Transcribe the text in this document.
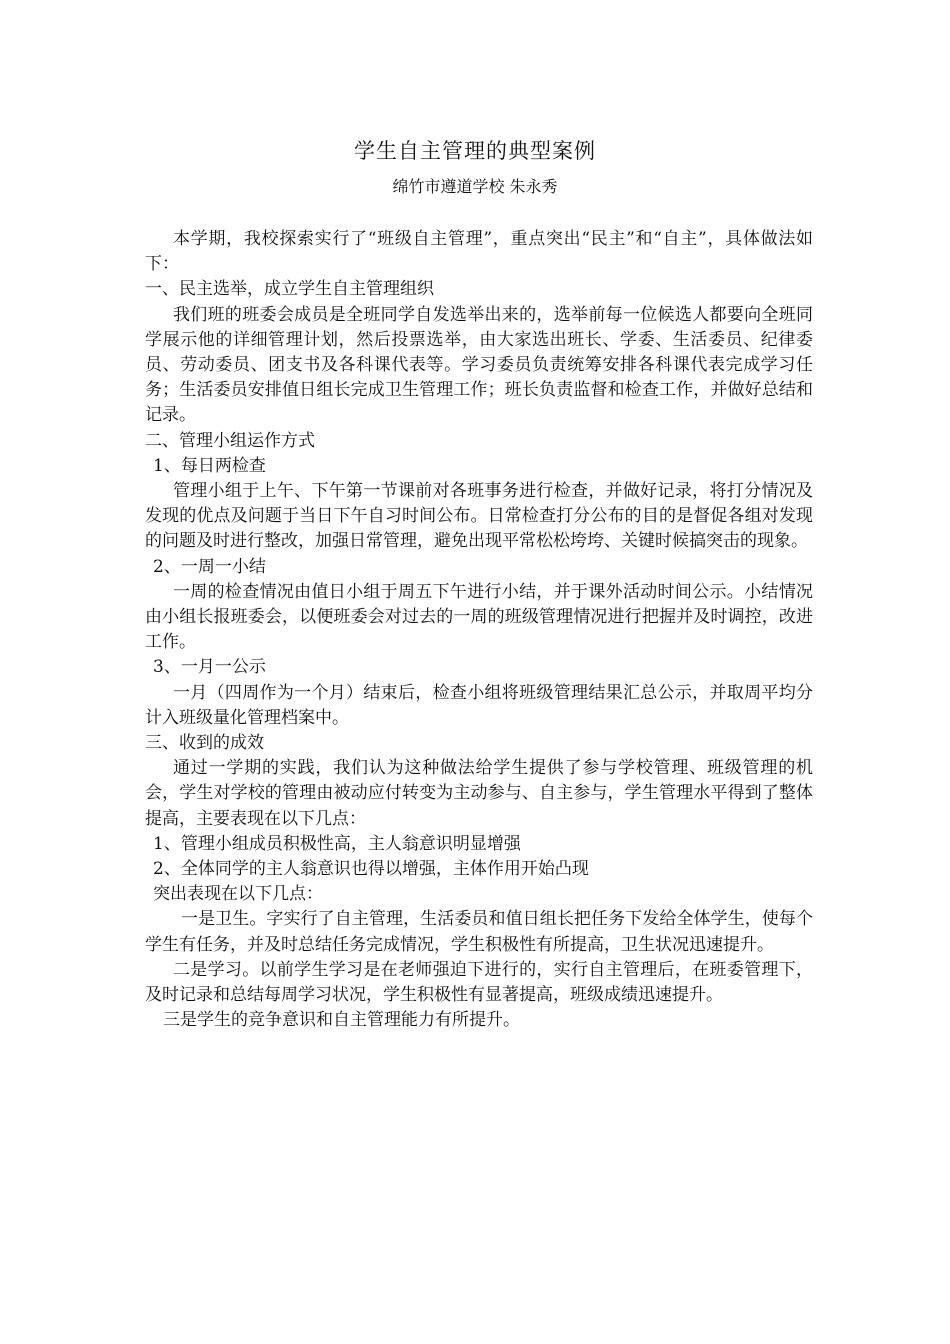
学生自主管理的典型案例
绵竹市遵道学校 朱永秀

本学期，我校探索实行了“班级自主管理”，重点突出“民主”和“自主”，具体做法如下：

一、民主选举，成立学生自主管理组织

我们班的班委会成员是全班同学自发选举出来的，选举前每一位候选人都要向全班同学展示他的详细管理计划，然后投票选举，由大家选出班长、学委、生活委员、纪律委员、劳动委员、团支书及各科课代表等。学习委员负责统筹安排各科课代表完成学习任务；生活委员安排值日组长完成卫生管理工作；班长负责监督和检查工作，并做好总结和记录。

二、管理小组运作方式

1、每日两检查

管理小组于上午、下午第一节课前对各班事务进行检查，并做好记录，将打分情况及发现的优点及问题于当日下午自习时间公布。日常检查打分公布的目的是督促各组对发现的问题及时进行整改，加强日常管理，避免出现平常松松垮垮、关键时候搞突击的现象。

2、一周一小结

一周的检查情况由值日小组于周五下午进行小结，并于课外活动时间公示。小结情况由小组长报班委会，以便班委会对过去的一周的班级管理情况进行把握并及时调控，改进工作。

3、一月一公示

一月（四周作为一个月）结束后，检查小组将班级管理结果汇总公示，并取周平均分计入班级量化管理档案中。

三、收到的成效

通过一学期的实践，我们认为这种做法给学生提供了参与学校管理、班级管理的机会，学生对学校的管理由被动应付转变为主动参与、自主参与，学生管理水平得到了整体提高，主要表现在以下几点：

1、管理小组成员积极性高，主人翁意识明显增强

2、全体同学的主人翁意识也得以增强，主体作用开始凸现

突出表现在以下几点：

一是卫生。字实行了自主管理，生活委员和值日组长把任务下发给全体学生，使每个学生有任务，并及时总结任务完成情况，学生积极性有所提高，卫生状况迅速提升。

二是学习。以前学生学习是在老师强迫下进行的，实行自主管理后，在班委管理下，及时记录和总结每周学习状况，学生积极性有显著提高，班级成绩迅速提升。

三是学生的竞争意识和自主管理能力有所提升。
